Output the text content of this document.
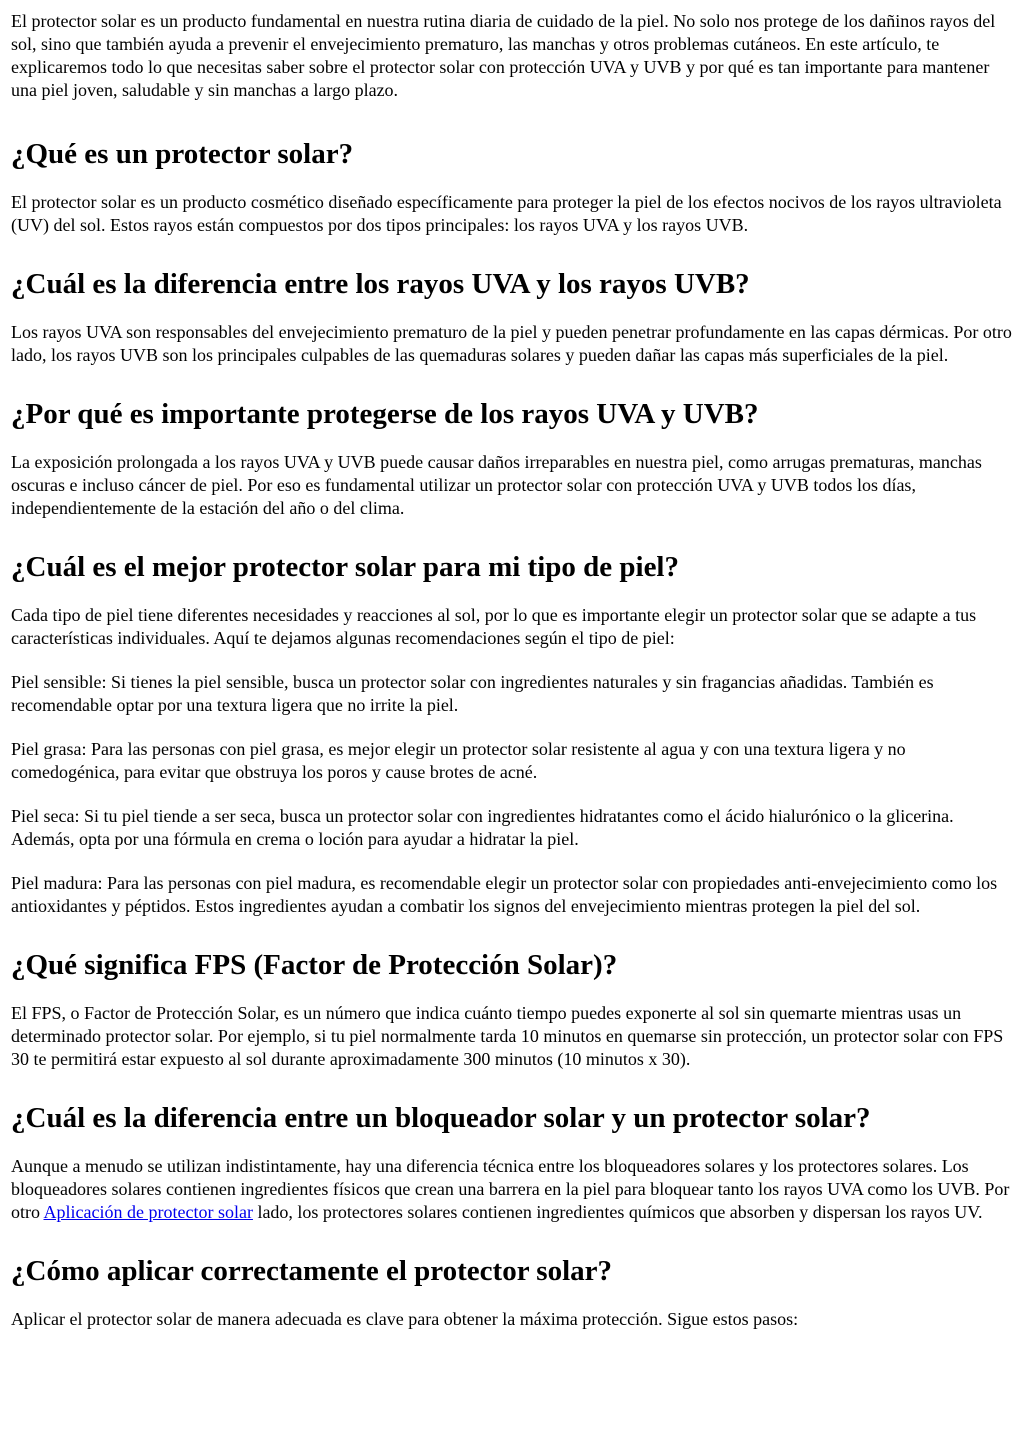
El protector solar es un producto fundamental en nuestra rutina diaria de cuidado de la piel. No solo nos protege de los dañinos rayos del sol, sino que también ayuda a prevenir el envejecimiento prematuro, las manchas y otros problemas cutáneos. En este artículo, te explicaremos todo lo que necesitas saber sobre el protector solar con protección UVA y UVB y por qué es tan importante para mantener una piel joven, saludable y sin manchas a largo plazo.

¿Qué es un protector solar?

El protector solar es un producto cosmético diseñado específicamente para proteger la piel de los efectos nocivos de los rayos ultravioleta (UV) del sol. Estos rayos están compuestos por dos tipos principales: los rayos UVA y los rayos UVB.

¿Cuál es la diferencia entre los rayos UVA y los rayos UVB?

Los rayos UVA son responsables del envejecimiento prematuro de la piel y pueden penetrar profundamente en las capas dérmicas. Por otro lado, los rayos UVB son los principales culpables de las quemaduras solares y pueden dañar las capas más superficiales de la piel.

¿Por qué es importante protegerse de los rayos UVA y UVB?

La exposición prolongada a los rayos UVA y UVB puede causar daños irreparables en nuestra piel, como arrugas prematuras, manchas oscuras e incluso cáncer de piel. Por eso es fundamental utilizar un protector solar con protección UVA y UVB todos los días, independientemente de la estación del año o del clima.

¿Cuál es el mejor protector solar para mi tipo de piel?

Cada tipo de piel tiene diferentes necesidades y reacciones al sol, por lo que es importante elegir un protector solar que se adapte a tus características individuales. Aquí te dejamos algunas recomendaciones según el tipo de piel:

Piel sensible: Si tienes la piel sensible, busca un protector solar con ingredientes naturales y sin fragancias añadidas. También es recomendable optar por una textura ligera que no irrite la piel.

Piel grasa: Para las personas con piel grasa, es mejor elegir un protector solar resistente al agua y con una textura ligera y no comedogénica, para evitar que obstruya los poros y cause brotes de acné.

Piel seca: Si tu piel tiende a ser seca, busca un protector solar con ingredientes hidratantes como el ácido hialurónico o la glicerina. Además, opta por una fórmula en crema o loción para ayudar a hidratar la piel.

Piel madura: Para las personas con piel madura, es recomendable elegir un protector solar con propiedades anti-envejecimiento como los antioxidantes y péptidos. Estos ingredientes ayudan a combatir los signos del envejecimiento mientras protegen la piel del sol.

¿Qué significa FPS (Factor de Protección Solar)?

El FPS, o Factor de Protección Solar, es un número que indica cuánto tiempo puedes exponerte al sol sin quemarte mientras usas un determinado protector solar. Por ejemplo, si tu piel normalmente tarda 10 minutos en quemarse sin protección, un protector solar con FPS 30 te permitirá estar expuesto al sol durante aproximadamente 300 minutos (10 minutos x 30).

¿Cuál es la diferencia entre un bloqueador solar y un protector solar?

Aunque a menudo se utilizan indistintamente, hay una diferencia técnica entre los bloqueadores solares y los protectores solares. Los bloqueadores solares contienen ingredientes físicos que crean una barrera en la piel para bloquear tanto los rayos UVA como los UVB. Por otro Aplicación de protector solar lado, los protectores solares contienen ingredientes químicos que absorben y dispersan los rayos UV.

¿Cómo aplicar correctamente el protector solar?

Aplicar el protector solar de manera adecuada es clave para obtener la máxima protección. Sigue estos pasos:
